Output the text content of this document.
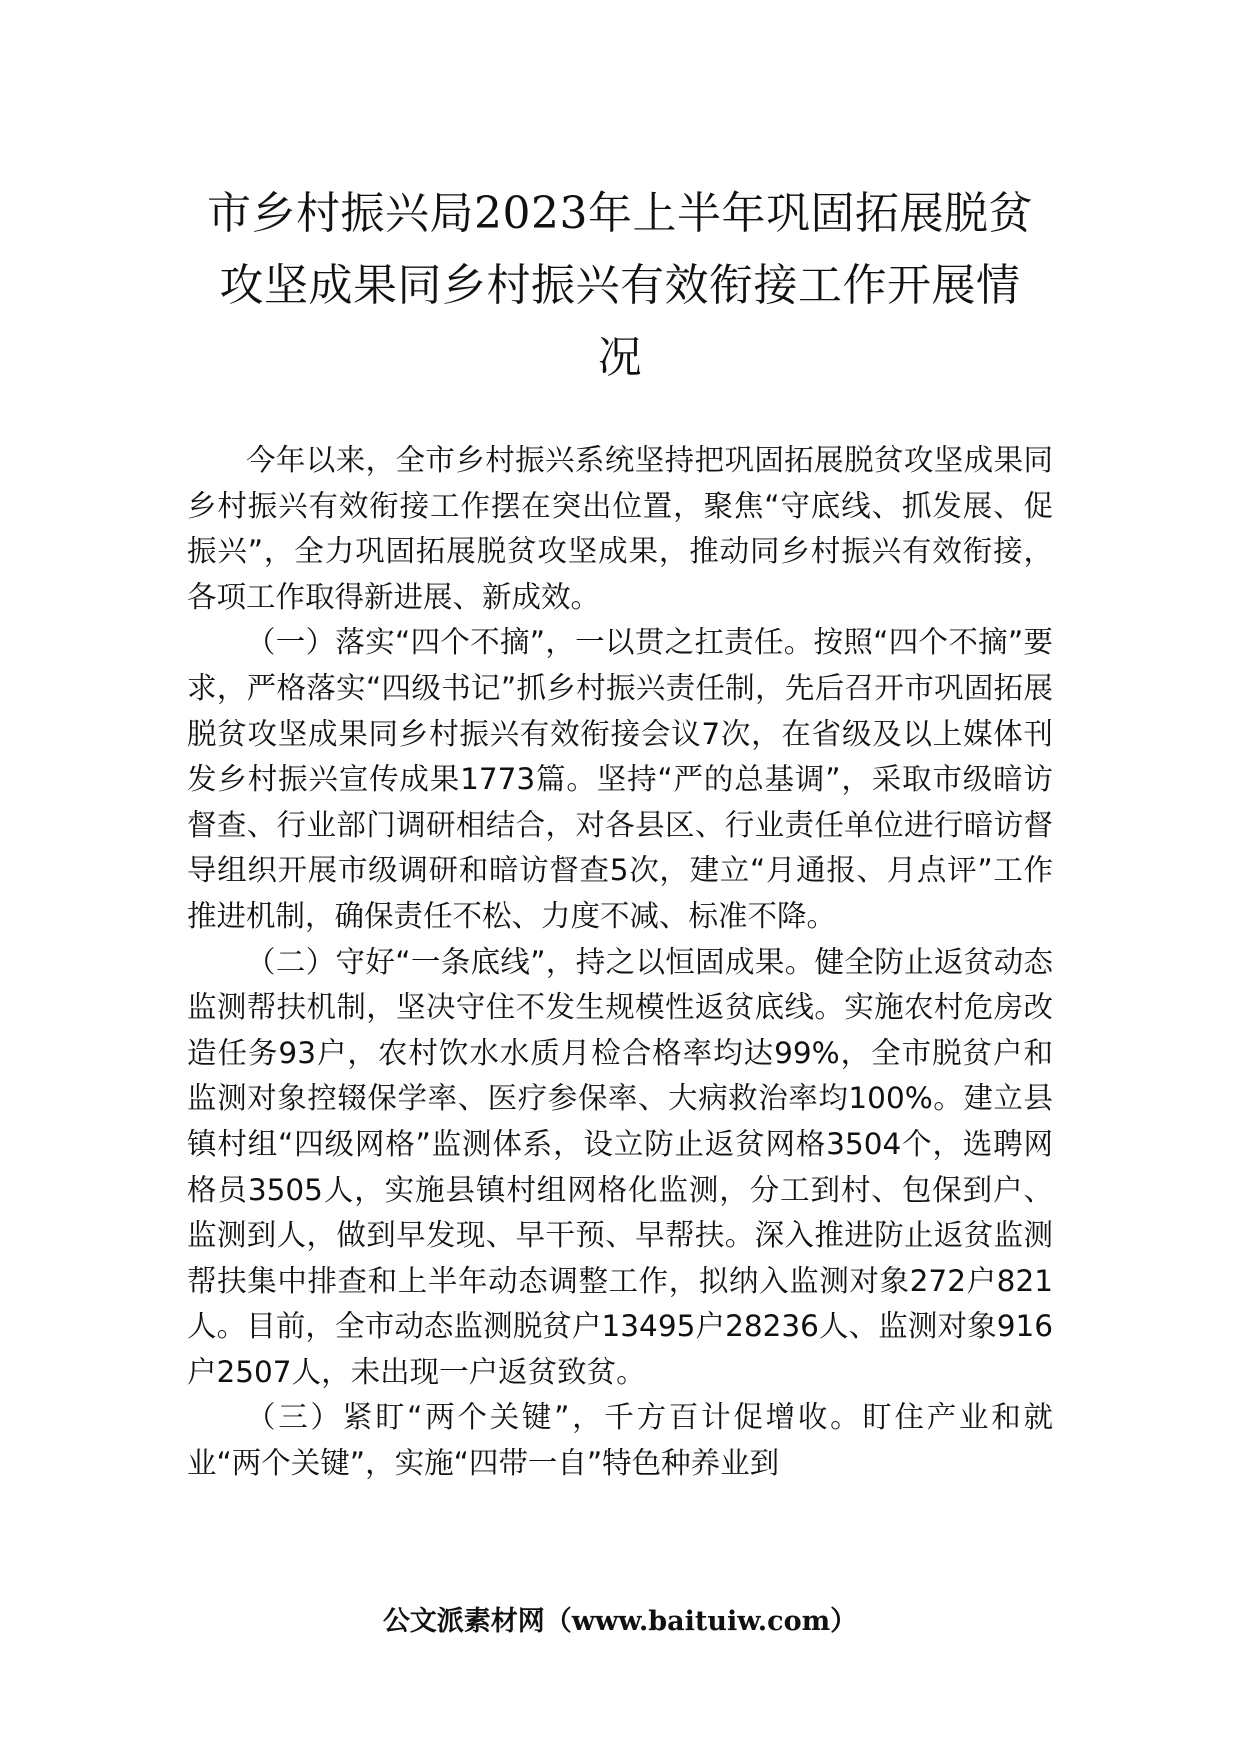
市乡村振兴局2023年上半年巩固拓展脱贫
攻坚成果同乡村振兴有效衔接工作开展情
况

今年以来，全市乡村振兴系统坚持把巩固拓展脱贫攻坚成果同乡村振兴有效衔接工作摆在突出位置，聚焦“守底线、抓发展、促振兴”，全力巩固拓展脱贫攻坚成果，推动同乡村振兴有效衔接，各项工作取得新进展、新成效。

（一）落实“四个不摘”，一以贯之扛责任。按照“四个不摘”要求，严格落实“四级书记”抓乡村振兴责任制，先后召开市巩固拓展脱贫攻坚成果同乡村振兴有效衔接会议7次，在省级及以上媒体刊发乡村振兴宣传成果1773篇。坚持“严的总基调”，采取市级暗访督查、行业部门调研相结合，对各县区、行业责任单位进行暗访督导组织开展市级调研和暗访督查5次，建立“月通报、月点评”工作推进机制，确保责任不松、力度不减、标准不降。

（二）守好“一条底线”，持之以恒固成果。健全防止返贫动态监测帮扶机制，坚决守住不发生规模性返贫底线。实施农村危房改造任务93户，农村饮水水质月检合格率均达99%，全市脱贫户和监测对象控辍保学率、医疗参保率、大病救治率均100%。建立县镇村组“四级网格”监测体系，设立防止返贫网格3504个，选聘网格员3505人，实施县镇村组网格化监测，分工到村、包保到户、监测到人，做到早发现、早干预、早帮扶。深入推进防止返贫监测帮扶集中排查和上半年动态调整工作，拟纳入监测对象272户821人。目前，全市动态监测脱贫户13495户28236人、监测对象916户2507人，未出现一户返贫致贫。

（三）紧盯“两个关键”，千方百计促增收。盯住产业和就业“两个关键”，实施“四带一自”特色种养业到

公文派素材网（www.baituiw.com）
